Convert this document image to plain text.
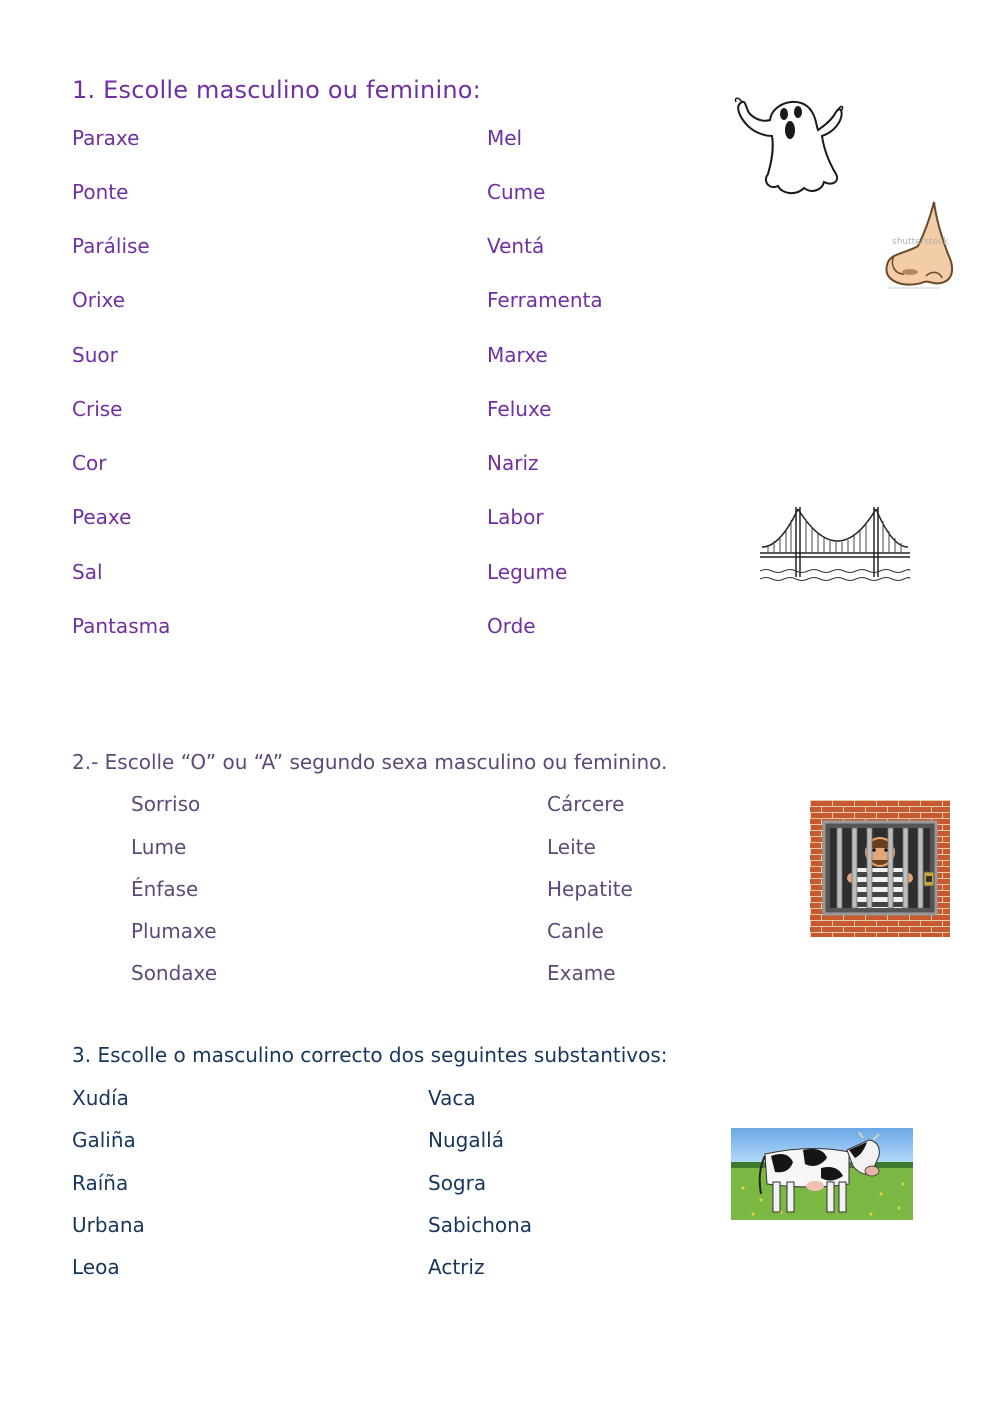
1. Escolle masculino ou feminino:
Paraxe
Ponte
Parálise
Orixe
Suor
Crise
Cor
Peaxe
Sal
Pantasma
Mel
Cume
Ventá
Ferramenta
Marxe
Feluxe
Nariz
Labor
Legume
Orde
shutterstock
2.- Escolle “O” ou “A” segundo sexa masculino ou feminino.
Sorriso
Lume
Énfase
Plumaxe
Sondaxe
Cárcere
Leite
Hepatite
Canle
Exame
3. Escolle o masculino correcto dos seguintes substantivos:
Xudía
Galiña
Raíña
Urbana
Leoa
Vaca
Nugallá
Sogra
Sabichona
Actriz
